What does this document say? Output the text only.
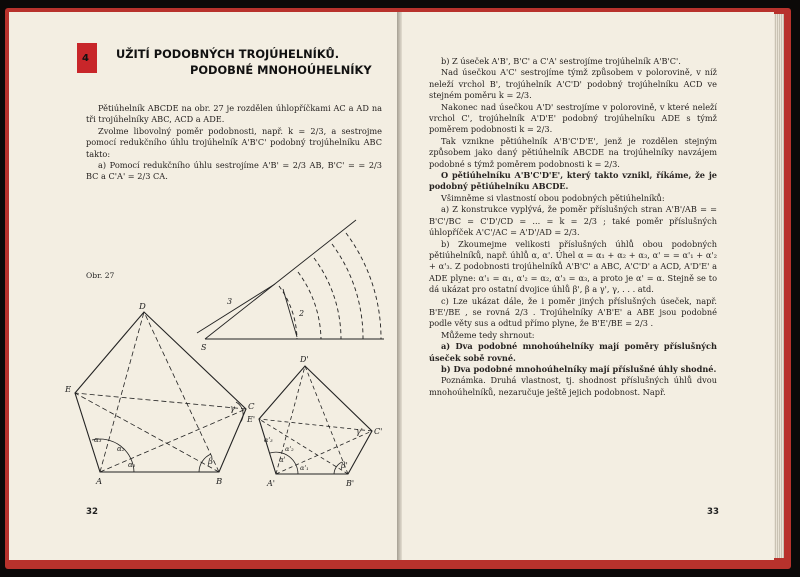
4 UŽITÍ PODOBNÝCH TROJÚHELNÍKŮ.
PODOBNÉ MNOHOÚHELNÍKY

Pětiúhelník ABCDE na obr. 27 je rozdělen úhlopříčkami AC a AD na tři trojúhelníky ABC, ACD a ADE.

Zvolme libovolný poměr podobnosti, např. k = 2/3, a sestrojme pomocí redukčního úhlu trojúhelník A'B'C' podobný trojúhelníku ABC takto:

a) Pomocí redukčního úhlu sestrojíme A'B' = 2/3 AB, B'C' = = 2/3 BC a C'A' = 2/3 CA.

Obr. 27
S
3
2
A	B
C
D
E
γ
β
α₁
α₂
α₃
A'	B'
C'
D'
E'
γ'
β'
α'
α'₁
α'₂
α'₃
32

b) Z úseček A'B', B'C' a C'A' sestrojíme trojúhelník A'B'C'.

Nad úsečkou A'C' sestrojíme týmž způsobem v polorovině, v níž neleží vrchol B', trojúhelník A'C'D' podobný trojúhelníku ACD ve stejném poměru k = 2/3.

Nakonec nad úsečkou A'D' sestrojíme v polorovině, v které neleží vrchol C', trojúhelník A'D'E' podobný trojúhelníku ADE s týmž poměrem podobnosti k = 2/3.

Tak vznikne pětiúhelník A'B'C'D'E', jenž je rozdělen stejným způsobem jako daný pětiúhelník ABCDE na trojúhelníky navzájem podobné s týmž poměrem podobnosti k = 2/3.

O pětiúhelníku A'B'C'D'E', který takto vznikl, říkáme, že je podobný pětiúhelníku ABCDE.

Všimněme si vlastností obou podobných pětiúhelníků:

a) Z konstrukce vyplývá, že poměr příslušných stran A'B'/AB = = B'C'/BC = C'D'/CD = ... = k = 2/3 ; také poměr příslušných úhlopříček A'C'/AC = A'D'/AD = 2/3.

b) Zkoumejme velikosti příslušných úhlů obou podobných pětiúhelníků, např. úhlů α, α'. Úhel α = α₁ + α₂ + α₃, α' = = α'₁ + α'₂ + α'₃. Z podobnosti trojúhelníků A'B'C' a ABC, A'C'D' a ACD, A'D'E' a ADE plyne: α'₁ = α₁, α'₂ = α₂, α'₃ = α₃, a proto je α' = α. Stejně se to dá ukázat pro ostatní dvojice úhlů β', β a γ', γ, . . . atd.

c) Lze ukázat dále, že i poměr jiných příslušných úseček, např. B'E'/BE , se rovná 2/3 . Trojúhelníky A'B'E' a ABE jsou podobné podle věty sus a odtud přímo plyne, že B'E'/BE = 2/3 .

Můžeme tedy shrnout:

a) Dva podobné mnohoúhelníky mají poměry příslušných úseček sobě rovné.

b) Dva podobné mnohoúhelníky mají příslušné úhly shodné.

Poznámka. Druhá vlastnost, tj. shodnost příslušných úhlů dvou mnohoúhelníků, nezaručuje ještě jejich podobnost. Např.

33
